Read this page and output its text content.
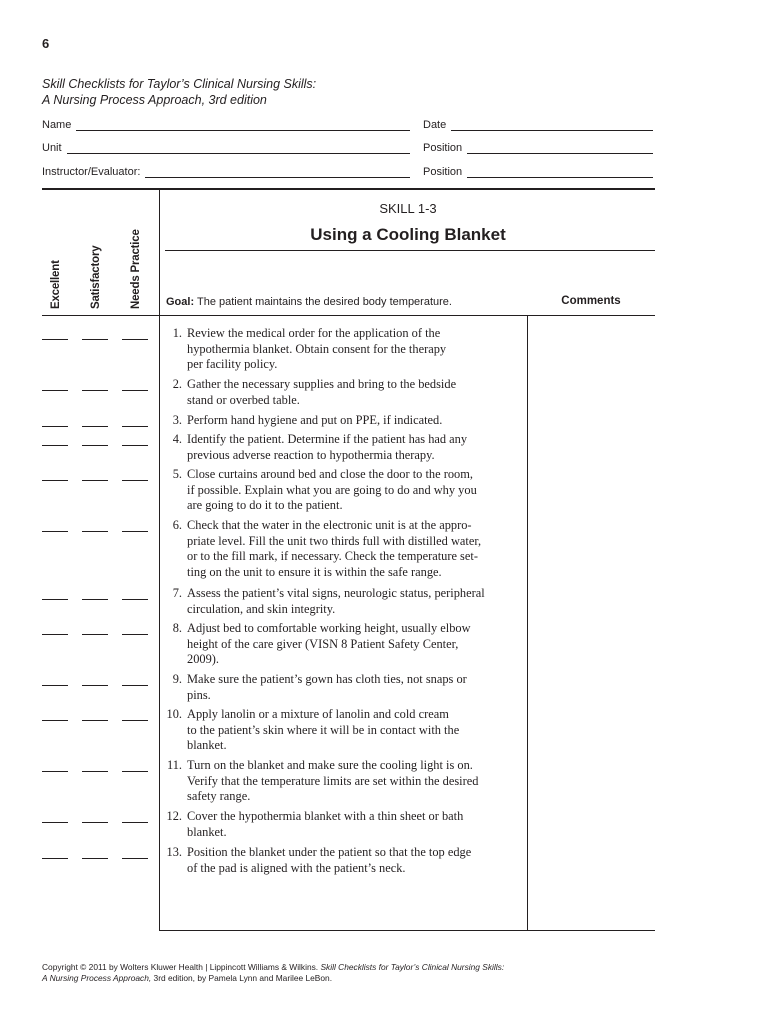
6
Skill Checklists for Taylor’s Clinical Nursing Skills:
A Nursing Process Approach, 3rd edition
Name	Date
Unit	Position
Instructor/Evaluator:	Position
Excellent Satisfactory Needs Practice
SKILL 1-3
Using a Cooling Blanket
Goal: The patient maintains the desired body temperature.	Comments
1. Review the medical order for the application of the
hypothermia blanket. Obtain consent for the therapy
per facility policy.
2. Gather the necessary supplies and bring to the bedside
stand or overbed table.
3. Perform hand hygiene and put on PPE, if indicated.
4. Identify the patient. Determine if the patient has had any
previous adverse reaction to hypothermia therapy.
5. Close curtains around bed and close the door to the room,
if possible. Explain what you are going to do and why you
are going to do it to the patient.
6. Check that the water in the electronic unit is at the appro-
priate level. Fill the unit two thirds full with distilled water,
or to the fill mark, if necessary. Check the temperature set-
ting on the unit to ensure it is within the safe range.
7. Assess the patient’s vital signs, neurologic status, peripheral
circulation, and skin integrity.
8. Adjust bed to comfortable working height, usually elbow
height of the care giver (VISN 8 Patient Safety Center,
2009).
9. Make sure the patient’s gown has cloth ties, not snaps or
pins.
10. Apply lanolin or a mixture of lanolin and cold cream
to the patient’s skin where it will be in contact with the
blanket.
11. Turn on the blanket and make sure the cooling light is on.
Verify that the temperature limits are set within the desired
safety range.
12. Cover the hypothermia blanket with a thin sheet or bath
blanket.
13. Position the blanket under the patient so that the top edge
of the pad is aligned with the patient’s neck.
Copyright © 2011 by Wolters Kluwer Health | Lippincott Williams & Wilkins. Skill Checklists for Taylor’s Clinical Nursing Skills:
A Nursing Process Approach, 3rd edition, by Pamela Lynn and Marilee LeBon.
